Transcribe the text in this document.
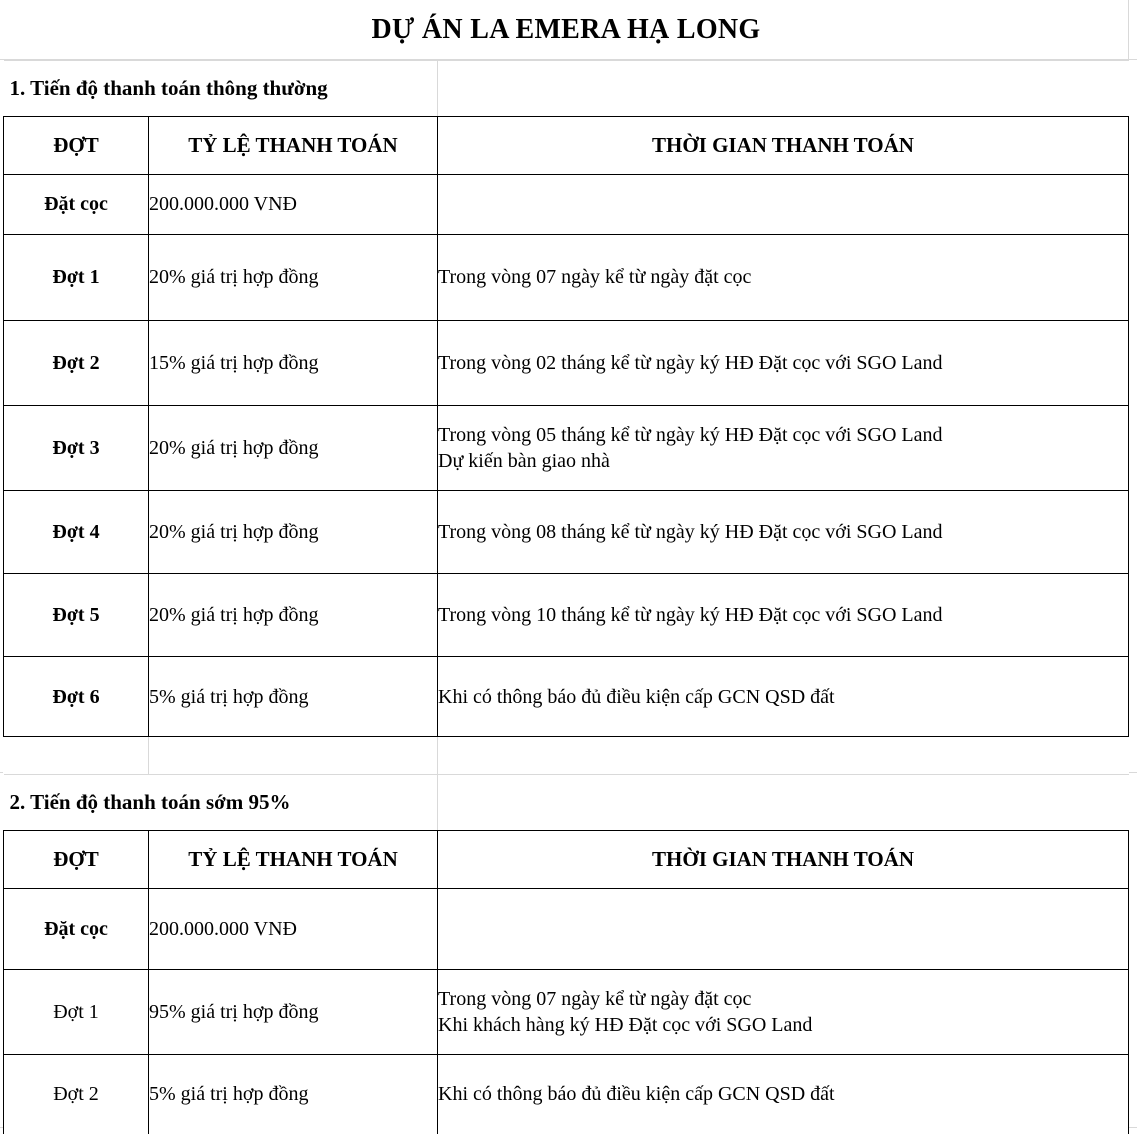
DỰ ÁN LA EMERA HẠ LONG
1. Tiến độ thanh toán thông thường		
ĐỢT	TỶ LỆ THANH TOÁN	THỜI GIAN THANH TOÁN
Đặt cọc	200.000.000 VNĐ	
Đợt 1	20% giá trị hợp đồng	Trong vòng 07 ngày kể từ ngày đặt cọc

Đợt 2	15% giá trị hợp đồng	Trong vòng 02 tháng kể từ ngày ký HĐ Đặt cọc với SGO Land

Đợt 3	20% giá trị hợp đồng	Trong vòng 05 tháng kể từ ngày ký HĐ Đặt cọc với SGO Land
Dự kiến bàn giao nhà

Đợt 4	20% giá trị hợp đồng	Trong vòng 08 tháng kể từ ngày ký HĐ Đặt cọc với SGO Land

Đợt 5	20% giá trị hợp đồng	Trong vòng 10 tháng kể từ ngày ký HĐ Đặt cọc với SGO Land

Đợt 6	5% giá trị hợp đồng	Khi có thông báo đủ điều kiện cấp GCN QSD đất

2. Tiến độ thanh toán sớm 95%		
ĐỢT	TỶ LỆ THANH TOÁN	THỜI GIAN THANH TOÁN
Đặt cọc	200.000.000 VNĐ	
Đợt 1	95% giá trị hợp đồng	Trong vòng 07 ngày kể từ ngày đặt cọc
Khi khách hàng ký HĐ Đặt cọc với SGO Land

Đợt 2	5% giá trị hợp đồng	Khi có thông báo đủ điều kiện cấp GCN QSD đất
